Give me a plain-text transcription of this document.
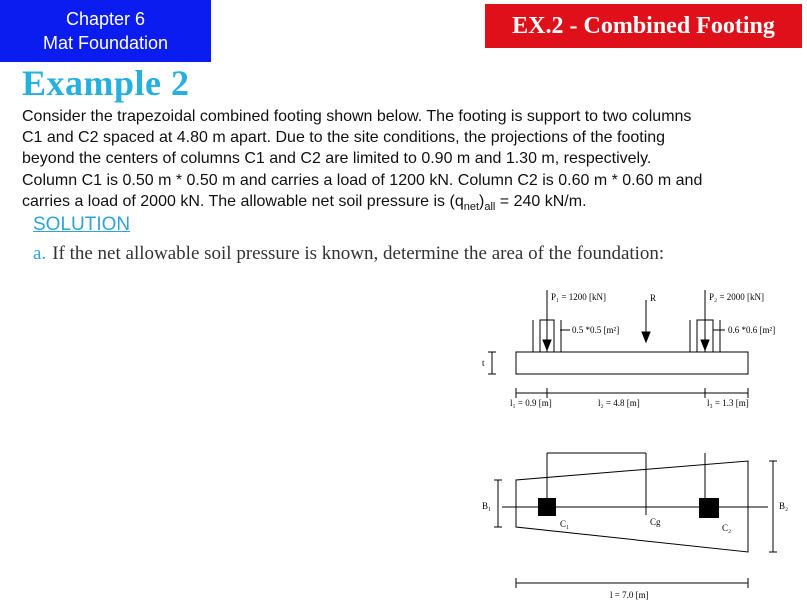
Chapter 6
Mat Foundation
EX.2 - Combined Footing
Example 2
Consider the trapezoidal combined footing shown below. The footing is support to two columns
C1 and C2 spaced at 4.80 m apart. Due to the site conditions, the projections of the footing
beyond the centers of columns C1 and C2 are limited to 0.90 m and 1.30 m, respectively.
Column C1 is 0.50 m * 0.50 m and carries a load of 1200 kN. Column C2 is 0.60 m * 0.60 m and
carries a load of 2000 kN. The allowable net soil pressure is $(q_{net})_{all} = 240$ kN/m.
SOLUTION
a. If the net allowable soil pressure is known, determine the area of the foundation:
P₁ = 1200 [kN]	R	P₂ = 2000 [kN]
0.5 *0.5 [m²]	0.6 *0.6 [m²]
t
l₁ = 0.9 [m]	l₂ = 4.8 [m]	l₃ = 1.3 [m]
B₁	B₂
C₁	Cg
C₂
l = 7.0 [m]
